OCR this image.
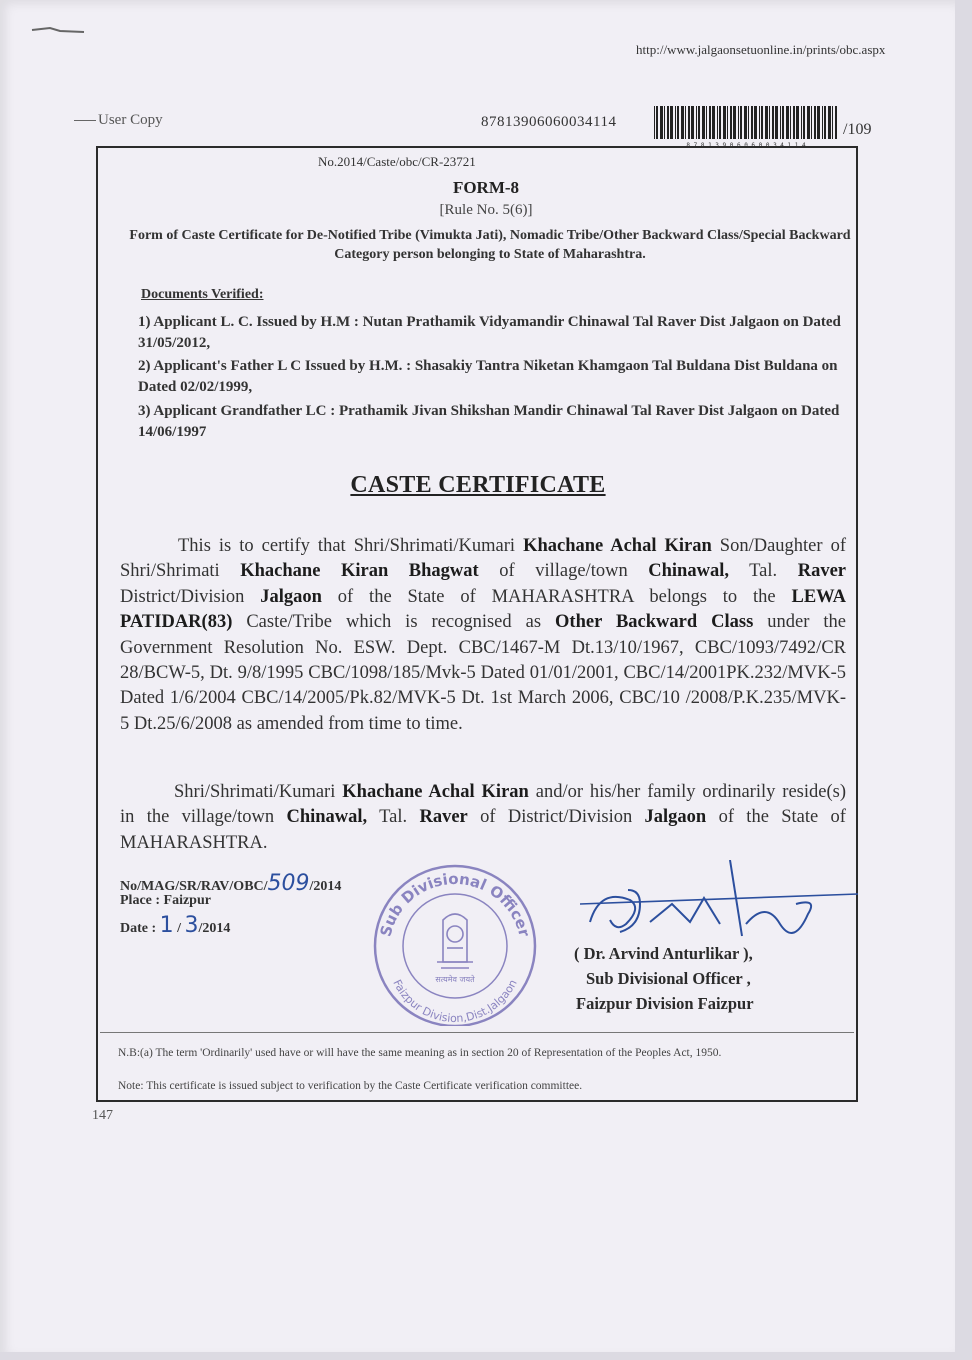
http://www.jalgaonsetuonline.in/prints/obc.aspx
User Copy	87813906060034114
8 7 8 1 3 9 0 6 0 6 0 0 3 4 1 1 4
/109
No.2014/Caste/obc/CR-23721
FORM-8
[Rule No. 5(6)]
Form of Caste Certificate for De-Notified Tribe (Vimukta Jati), Nomadic Tribe/Other Backward Class/Special Backward Category person belonging to State of Maharashtra.
Documents Verified:
1) Applicant L. C. Issued by H.M : Nutan Prathamik Vidyamandir Chinawal Tal Raver Dist Jalgaon on Dated 31/05/2012,
2) Applicant's Father L C Issued by H.M. : Shasakiy Tantra Niketan Khamgaon Tal Buldana Dist Buldana on Dated 02/02/1999,
3) Applicant Grandfather LC : Prathamik Jivan Shikshan Mandir Chinawal Tal Raver Dist Jalgaon on Dated 14/06/1997
CASTE CERTIFICATE
This is to certify that Shri/Shrimati/Kumari Khachane Achal Kiran Son/Daughter of Shri/Shrimati Khachane Kiran Bhagwat of village/town Chinawal, Tal. Raver District/Division Jalgaon of the State of MAHARASHTRA belongs to the LEWA PATIDAR(83) Caste/Tribe which is recognised as Other Backward Class under the Government Resolution No. ESW. Dept. CBC/1467-M Dt.13/10/1967, CBC/1093/7492/CR 28/BCW-5, Dt. 9/8/1995 CBC/1098/185/Mvk-5 Dated 01/01/2001, CBC/14/2001PK.232/MVK-5 Dated 1/6/2004 CBC/14/2005/Pk.82/MVK-5 Dt. 1st March 2006, CBC/10 /2008/P.K.235/MVK-5 Dt.25/6/2008 as amended from time to time.
Shri/Shrimati/Kumari Khachane Achal Kiran and/or his/her family ordinarily reside(s) in the village/town Chinawal, Tal. Raver of District/Division Jalgaon of the State of MAHARASHTRA.
No/MAG/SR/RAV/OBC/509/2014
Place : Faizpur
Date : 1 / 3/2014	Sub Divisional Officer
Faizpur Division,Dist.Jalgaon
सत्यमेव जयते
( Dr. Arvind Anturlikar ),
Sub Divisional Officer ,
Faizpur Division Faizpur
N.B:(a) The term 'Ordinarily' used have or will have the same meaning as in section 20 of Representation of the Peoples Act, 1950.
Note: This certificate is issued subject to verification by the Caste Certificate verification committee.
147
